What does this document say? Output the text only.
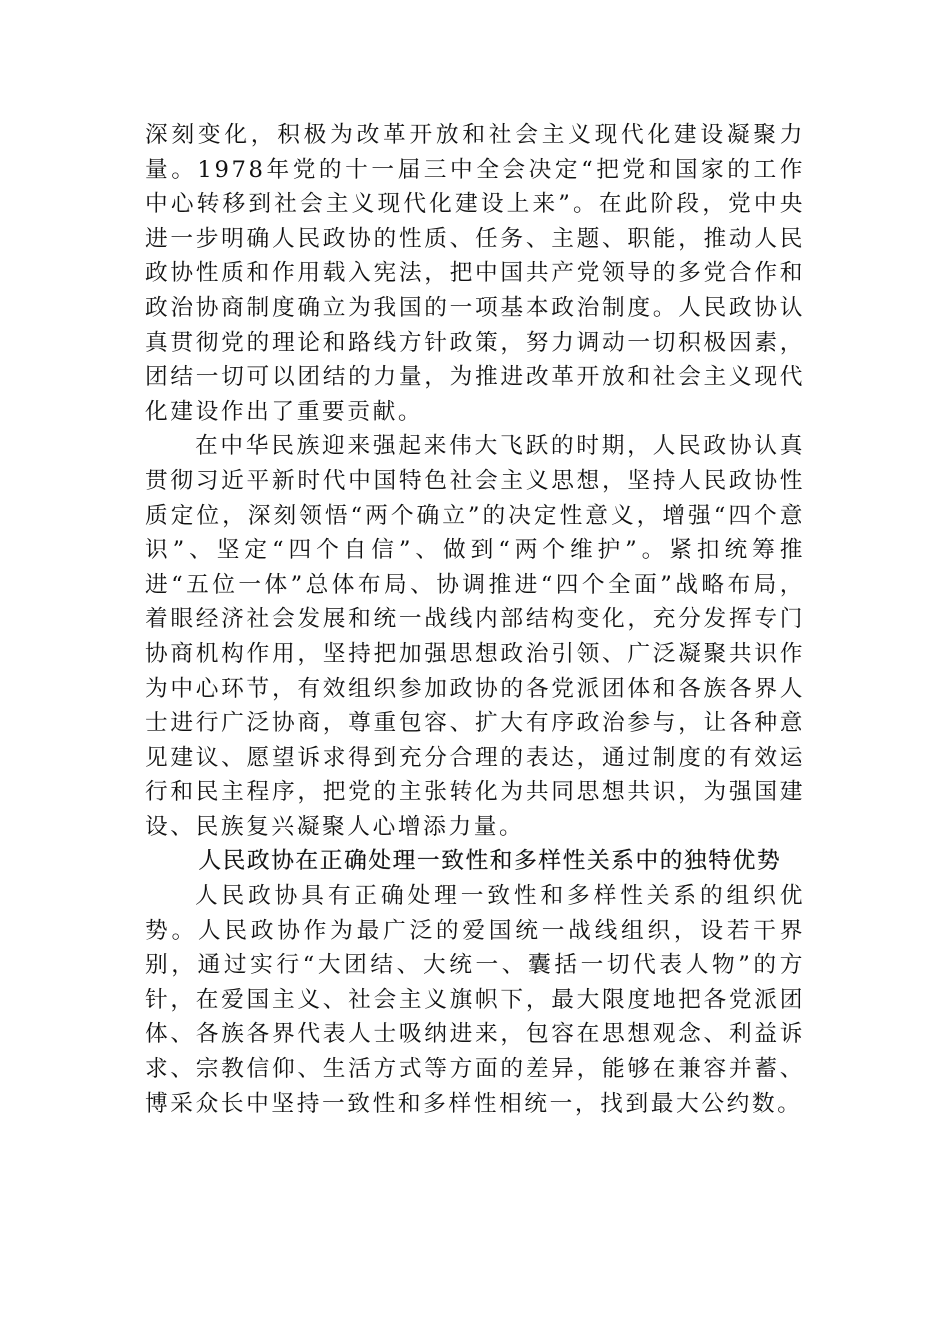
深刻变化，积极为改革开放和社会主义现代化建设凝聚力量。1978年党的十一届三中全会决定“把党和国家的工作中心转移到社会主义现代化建设上来”。在此阶段，党中央进一步明确人民政协的性质、任务、主题、职能，推动人民政协性质和作用载入宪法，把中国共产党领导的多党合作和政治协商制度确立为我国的一项基本政治制度。人民政协认真贯彻党的理论和路线方针政策，努力调动一切积极因素，团结一切可以团结的力量，为推进改革开放和社会主义现代化建设作出了重要贡献。

在中华民族迎来强起来伟大飞跃的时期，人民政协认真贯彻习近平新时代中国特色社会主义思想，坚持人民政协性质定位，深刻领悟“两个确立”的决定性意义，增强“四个意识”、坚定“四个自信”、做到“两个维护”。紧扣统筹推进“五位一体”总体布局、协调推进“四个全面”战略布局，着眼经济社会发展和统一战线内部结构变化，充分发挥专门协商机构作用，坚持把加强思想政治引领、广泛凝聚共识作为中心环节，有效组织参加政协的各党派团体和各族各界人士进行广泛协商，尊重包容、扩大有序政治参与，让各种意见建议、愿望诉求得到充分合理的表达，通过制度的有效运行和民主程序，把党的主张转化为共同思想共识，为强国建设、民族复兴凝聚人心增添力量。

人民政协在正确处理一致性和多样性关系中的独特优势

人民政协具有正确处理一致性和多样性关系的组织优势。人民政协作为最广泛的爱国统一战线组织，设若干界别，通过实行“大团结、大统一、囊括一切代表人物”的方针，在爱国主义、社会主义旗帜下，最大限度地把各党派团体、各族各界代表人士吸纳进来，包容在思想观念、利益诉求、宗教信仰、生活方式等方面的差异，能够在兼容并蓄、博采众长中坚持一致性和多样性相统一，找到最大公约数。
